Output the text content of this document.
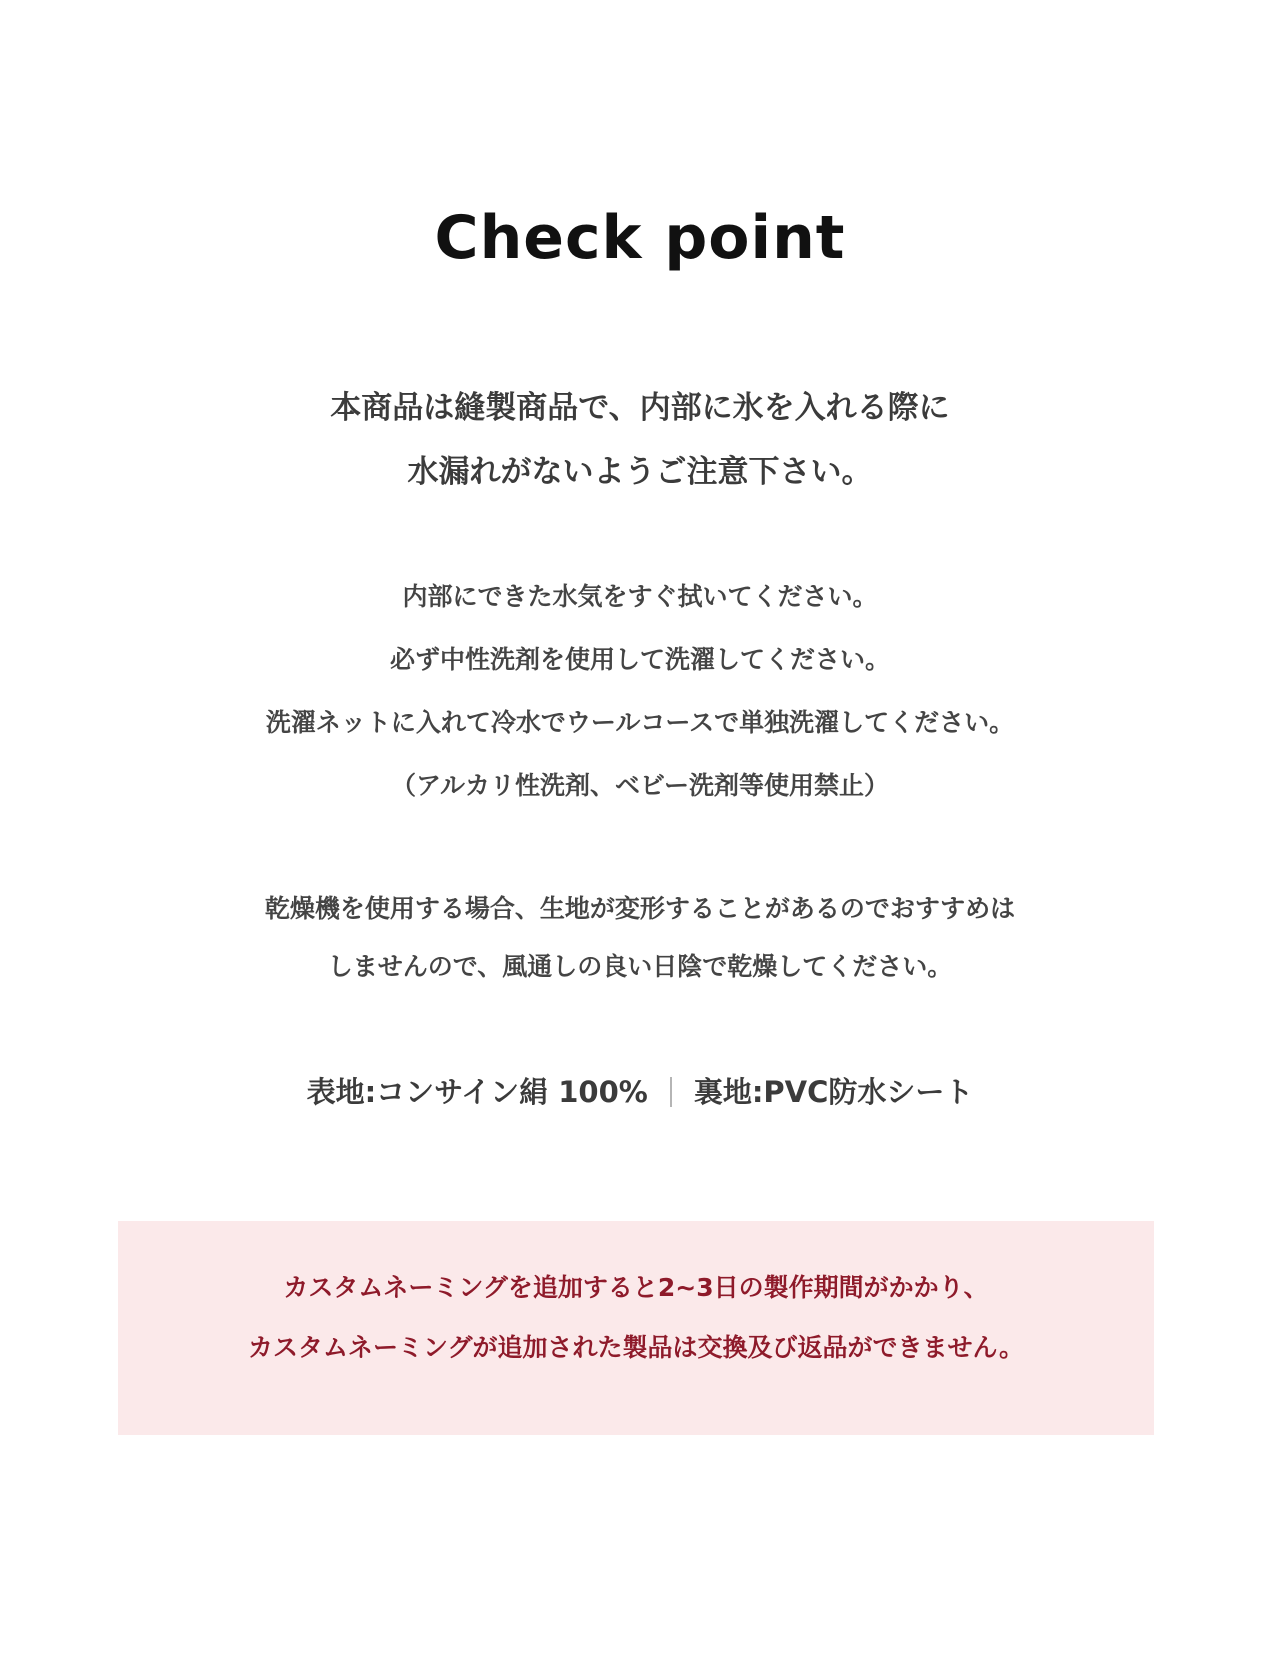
Check point
本商品は縫製商品で、内部に氷を入れる際に
水漏れがないようご注意下さい。
内部にできた水気をすぐ拭いてください。
必ず中性洗剤を使用して洗濯してください。
洗濯ネットに入れて冷水でウールコースで単独洗濯してください。
（アルカリ性洗剤、ベビー洗剤等使用禁止）
乾燥機を使用する場合、生地が変形することがあるのでおすすめは
しませんので、風通しの良い日陰で乾燥してください。
表地:コンサイン絹 100% 裏地:PVC防水シート
カスタムネーミングを追加すると2~3日の製作期間がかかり、
カスタムネーミングが追加された製品は交換及び返品ができません。
